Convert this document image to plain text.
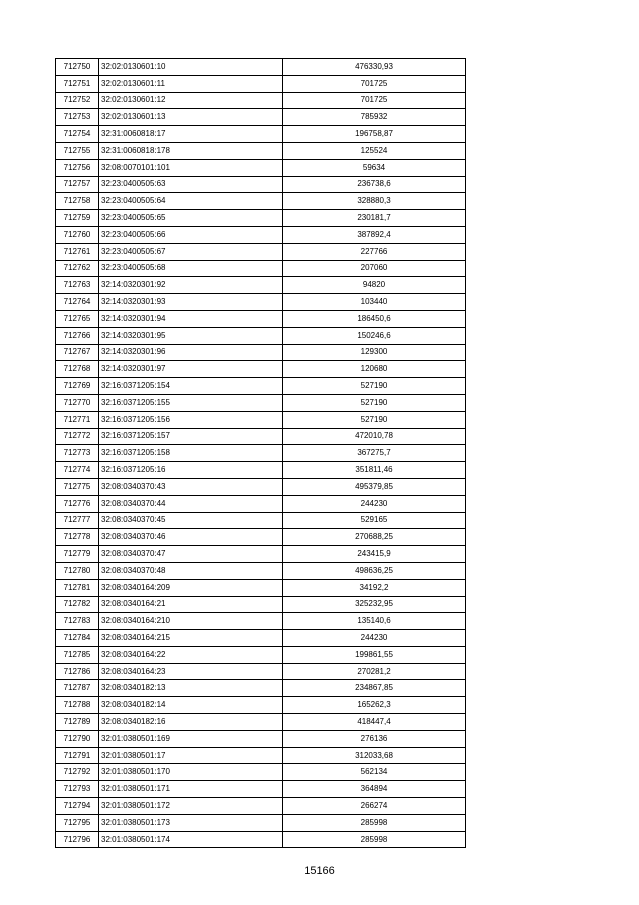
712750	32:02:0130601:10	476330,93
712751	32:02:0130601:11	701725
712752	32:02:0130601:12	701725
712753	32:02:0130601:13	785932
712754	32:31:0060818:17	196758,87
712755	32:31:0060818:178	125524
712756	32:08:0070101:101	59634
712757	32:23:0400505:63	236738,6
712758	32:23:0400505:64	328880,3
712759	32:23:0400505:65	230181,7
712760	32:23:0400505:66	387892,4
712761	32:23:0400505:67	227766
712762	32:23:0400505:68	207060
712763	32:14:0320301:92	94820
712764	32:14:0320301:93	103440
712765	32:14:0320301:94	186450,6
712766	32:14:0320301:95	150246,6
712767	32:14:0320301:96	129300
712768	32:14:0320301:97	120680
712769	32:16:0371205:154	527190
712770	32:16:0371205:155	527190
712771	32:16:0371205:156	527190
712772	32:16:0371205:157	472010,78
712773	32:16:0371205:158	367275,7
712774	32:16:0371205:16	351811,46
712775	32:08:0340370:43	495379,85
712776	32:08:0340370:44	244230
712777	32:08:0340370:45	529165
712778	32:08:0340370:46	270688,25
712779	32:08:0340370:47	243415,9
712780	32:08:0340370:48	498636,25
712781	32:08:0340164:209	34192,2
712782	32:08:0340164:21	325232,95
712783	32:08:0340164:210	135140,6
712784	32:08:0340164:215	244230
712785	32:08:0340164:22	199861,55
712786	32:08:0340164:23	270281,2
712787	32:08:0340182:13	234867,85
712788	32:08:0340182:14	165262,3
712789	32:08:0340182:16	418447,4
712790	32:01:0380501:169	276136
712791	32:01:0380501:17	312033,68
712792	32:01:0380501:170	562134
712793	32:01:0380501:171	364894
712794	32:01:0380501:172	266274
712795	32:01:0380501:173	285998
712796	32:01:0380501:174	285998
15166
